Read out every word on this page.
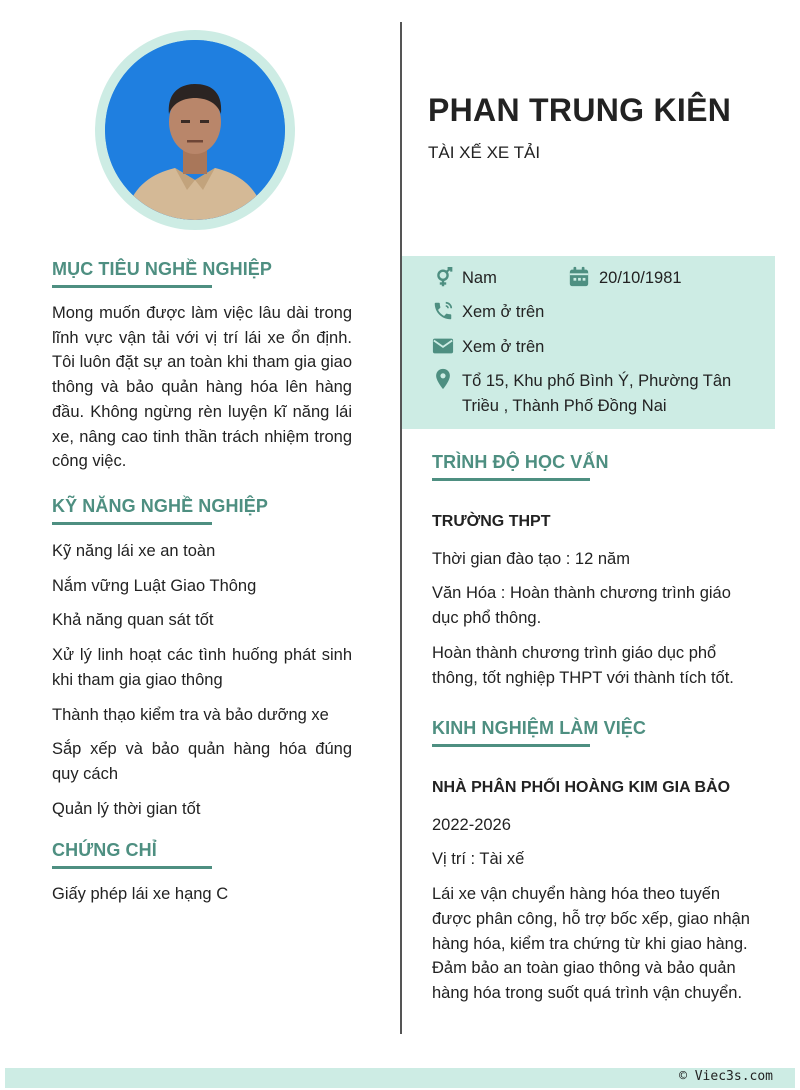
MỤC TIÊU NGHỀ NGHIỆP
Mong muốn được làm việc lâu dài trong lĩnh vực vận tải với vị trí lái xe ổn định. Tôi luôn đặt sự an toàn khi tham gia giao thông và bảo quản hàng hóa lên hàng đầu. Không ngừng rèn luyện kĩ năng lái xe, nâng cao tinh thần trách nhiệm trong công việc.
KỸ NĂNG NGHỀ NGHIỆP
Kỹ năng lái xe an toàn
Nắm vững Luật Giao Thông
Khả năng quan sát tốt
Xử lý linh hoạt các tình huống phát sinh khi tham gia giao thông
Thành thạo kiểm tra và bảo dưỡng xe
Sắp xếp và bảo quản hàng hóa đúng quy cách
Quản lý thời gian tốt
CHỨNG CHỈ
Giấy phép lái xe hạng C
PHAN TRUNG KIÊN
TÀI XẾ XE TẢI
Nam	20/10/1981
Xem ở trên
Xem ở trên
Tổ 15, Khu phố Bình Ý, Phường Tân Triều , Thành Phố Đồng Nai
TRÌNH ĐỘ HỌC VẤN
TRƯỜNG THPT
Thời gian đào tạo : 12 năm
Văn Hóa : Hoàn thành chương trình giáo dục phổ thông.
Hoàn thành chương trình giáo dục phổ thông, tốt nghiệp THPT với thành tích tốt.
KINH NGHIỆM LÀM VIỆC
NHÀ PHÂN PHỐI HOÀNG KIM GIA BẢO
2022-2026
Vị trí : Tài xế
Lái xe vận chuyển hàng hóa theo tuyến được phân công, hỗ trợ bốc xếp, giao nhận hàng hóa, kiểm tra chứng từ khi giao hàng. Đảm bảo an toàn giao thông và bảo quản hàng hóa trong suốt quá trình vận chuyển.
© Viec3s.com
